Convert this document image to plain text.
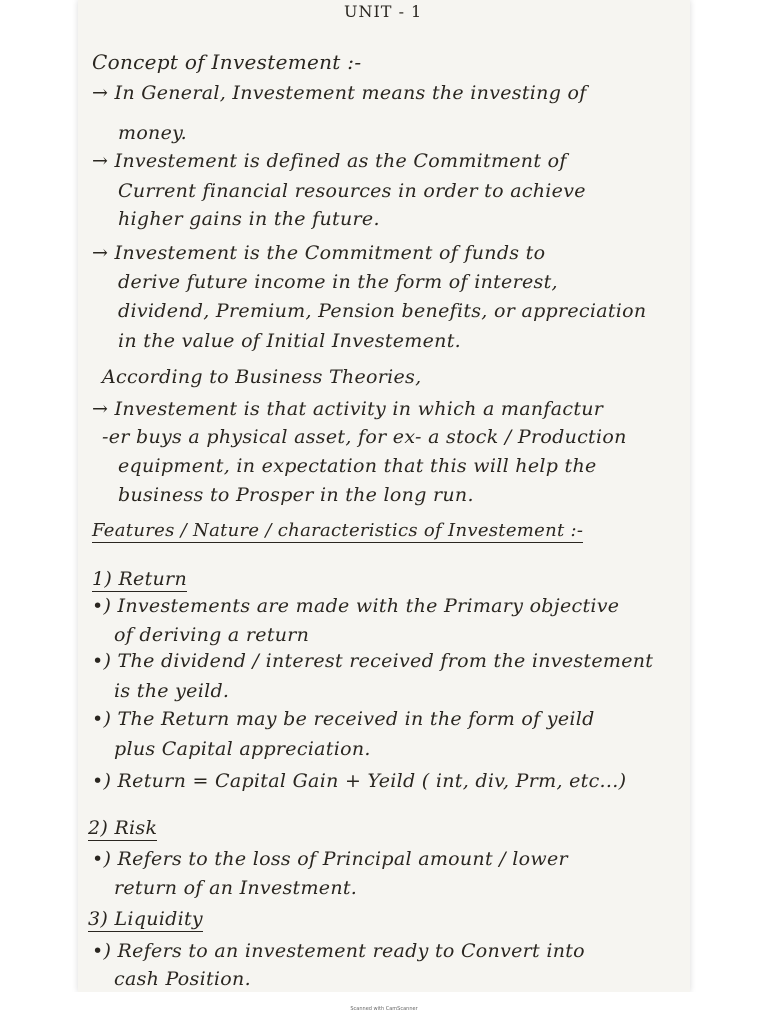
UNIT - 1
Concept of Investement :-
→ In General, Investement means the investing of
money.
→ Investement is defined as the Commitment of
Current financial resources in order to achieve
higher gains in the future.
→ Investement is the Commitment of funds to
derive future income in the form of interest,
dividend, Premium, Pension benefits, or appreciation
in the value of Initial Investement.
According to Business Theories,
→ Investement is that activity in which a manfactur
-er buys a physical asset, for ex- a stock / Production
equipment, in expectation that this will help the
business to Prosper in the long run.
Features / Nature / characteristics of Investement :-
1) Return
•) Investements are made with the Primary objective
of deriving a return
•) The dividend / interest received from the investement
is the yeild.
•) The Return may be received in the form of yeild
plus Capital appreciation.
•) Return = Capital Gain + Yeild ( int, div, Prm, etc...)
2) Risk
•) Refers to the loss of Principal amount / lower
return of an Investment.
3) Liquidity
•) Refers to an investement ready to Convert into
cash Position.
Scanned with CamScanner
